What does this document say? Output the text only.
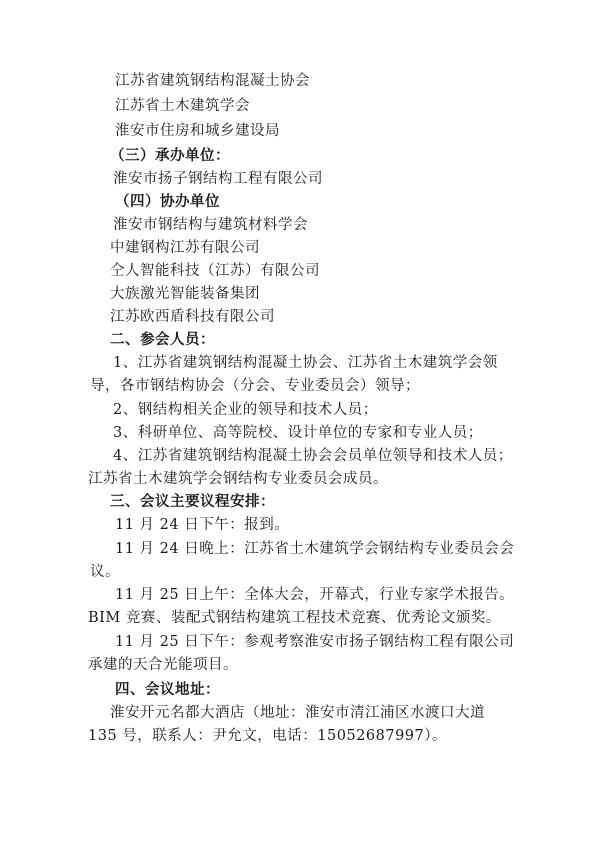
江苏省建筑钢结构混凝土协会
江苏省土木建筑学会
淮安市住房和城乡建设局
（三）承办单位：
淮安市扬子钢结构工程有限公司
（四）协办单位
淮安市钢结构与建筑材料学会
中建钢构江苏有限公司
仝人智能科技（江苏）有限公司
大族激光智能装备集团
江苏欧西盾科技有限公司
二、参会人员：
1、江苏省建筑钢结构混凝土协会、江苏省土木建筑学会领
导，各市钢结构协会（分会、专业委员会）领导；
2、钢结构相关企业的领导和技术人员；
3、科研单位、高等院校、设计单位的专家和专业人员；
4、江苏省建筑钢结构混凝土协会会员单位领导和技术人员；
江苏省土木建筑学会钢结构专业委员会成员。
三、会议主要议程安排：
11 月 24 日下午：报到。
11 月 24 日晚上：江苏省土木建筑学会钢结构专业委员会会
议。
11 月 25 日上午：全体大会，开幕式，行业专家学术报告。
BIM 竞赛、装配式钢结构建筑工程技术竞赛、优秀论文颁奖。
11 月 25 日下午：参观考察淮安市扬子钢结构工程有限公司
承建的天合光能项目。
四、会议地址：
淮安开元名都大酒店（地址：淮安市清江浦区水渡口大道
135 号，联系人：尹允文，电话：15052687997）。
